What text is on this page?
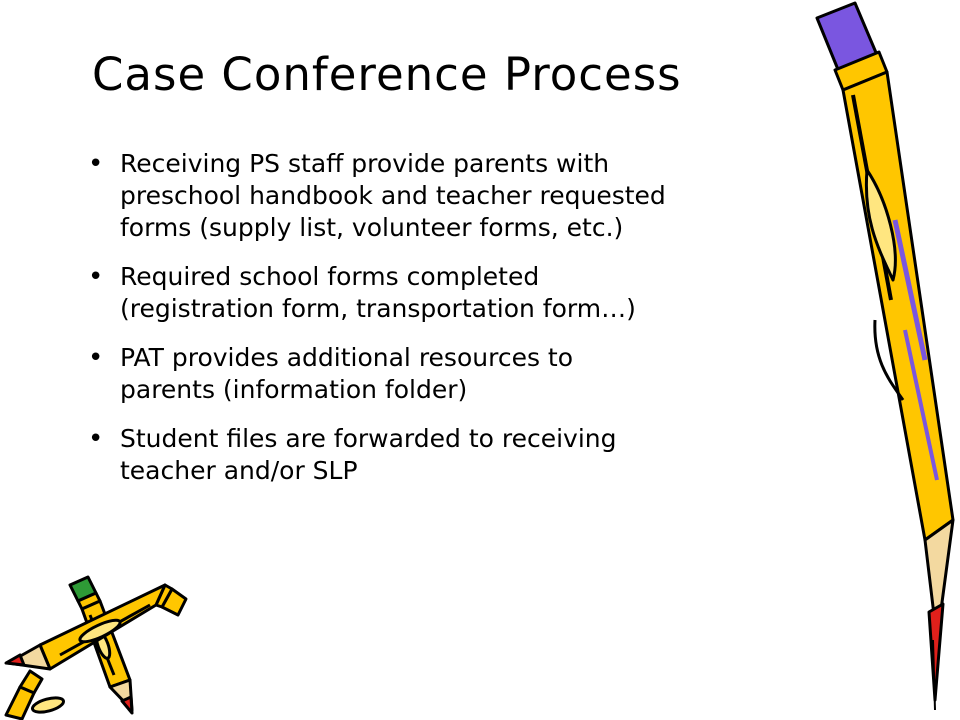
Case Conference Process
• Receiving PS staff provide parents with
preschool handbook and teacher requested
forms (supply list, volunteer forms, etc.)
• Required school forms completed
(registration form, transportation form…)
• PAT provides additional resources to
parents (information folder)
• Student files are forwarded to receiving
teacher and/or SLP
